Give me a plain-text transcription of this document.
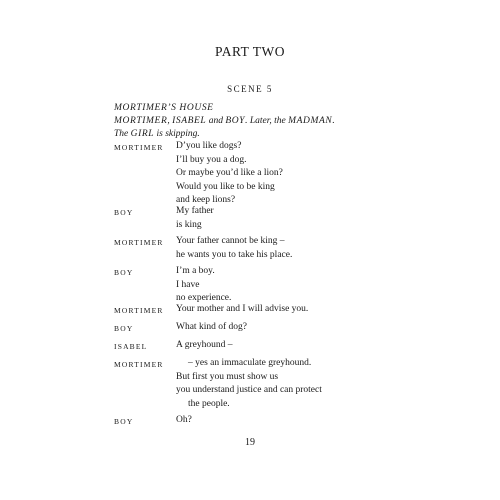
PART TWO
SCENE 5
MORTIMER’S HOUSE
MORTIMER, ISABEL and BOY. Later, the MADMAN.
The GIRL is skipping.
MORTIMER	D’you like dogs?
I’ll buy you a dog.
Or maybe you’d like a lion?
Would you like to be king
and keep lions?
BOY	My father
is king
MORTIMER	Your father cannot be king –
he wants you to take his place.
BOY	I’m a boy.
I have
no experience.
MORTIMER	Your mother and I will advise you.
BOY	What kind of dog?
ISABEL	A greyhound –
MORTIMER	– yes an immaculate greyhound.
But first you must show us
you understand justice and can protect
the people.
BOY	Oh?
19
